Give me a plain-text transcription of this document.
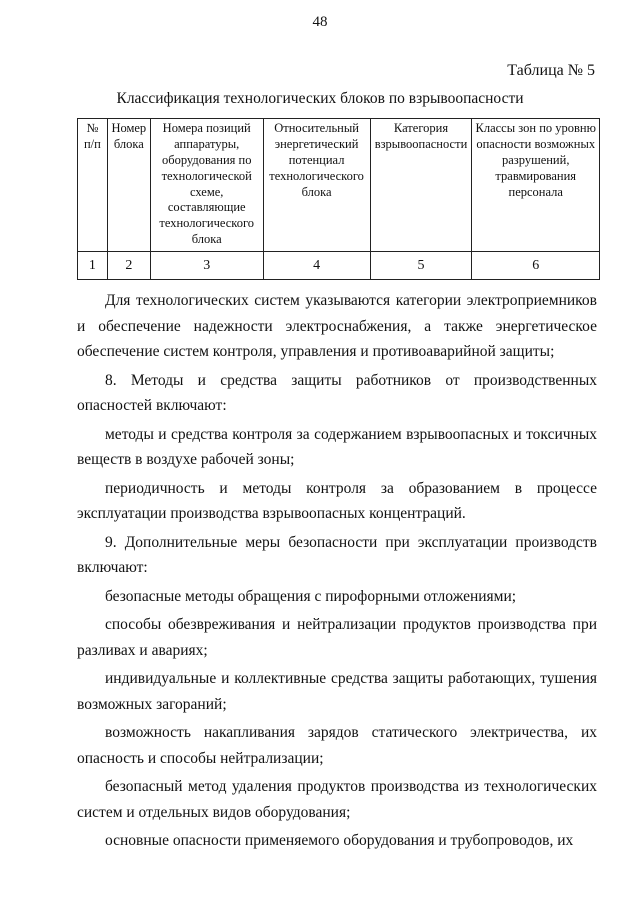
48
Таблица № 5
Классификация технологических блоков по взрывоопасности
№ п/п	Номер блока	Номера позиций аппаратуры, оборудования по технологической схеме, составляющие технологического блока	Относительный энергетический потенциал технологического блока	Категория взрывоопасности	Классы зон по уровню опасности возможных разрушений, травмирования персонала
1	2	3	4	5	6

Для технологических систем указываются категории электроприемников и обеспечение надежности электроснабжения, а также энергетическое обеспечение систем контроля, управления и противоаварийной защиты;

8. Методы и средства защиты работников от производственных опасностей включают:

методы и средства контроля за содержанием взрывоопасных и токсичных веществ в воздухе рабочей зоны;

периодичность и методы контроля за образованием в процессе эксплуатации производства взрывоопасных концентраций.

9. Дополнительные меры безопасности при эксплуатации производств включают:

безопасные методы обращения с пирофорными отложениями;

способы обезвреживания и нейтрализации продуктов производства при разливах и авариях;

индивидуальные и коллективные средства защиты работающих, тушения возможных загораний;

возможность накапливания зарядов статического электричества, их опасность и способы нейтрализации;

безопасный метод удаления продуктов производства из технологических систем и отдельных видов оборудования;

основные опасности применяемого оборудования и трубопроводов, их
